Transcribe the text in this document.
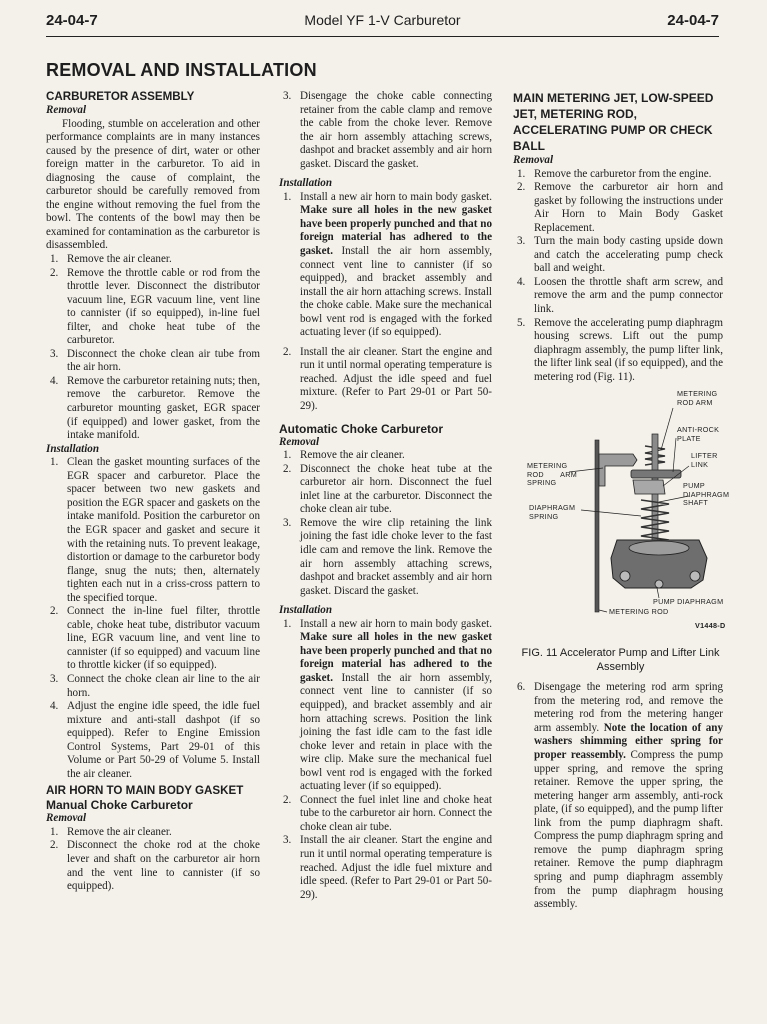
24-04-7	Model YF 1-V Carburetor	24-04-7
REMOVAL AND INSTALLATION
CARBURETOR ASSEMBLY
Removal

Flooding, stumble on acceleration and other performance complaints are in many instances caused by the presence of dirt, water or other foreign matter in the carburetor. To aid in diagnosing the cause of complaint, the carburetor should be carefully removed from the engine without removing the fuel from the bowl. The contents of the bowl may then be examined for contamination as the carburetor is disassembled.

1. Remove the air cleaner.
2. Remove the throttle cable or rod from the throttle lever. Disconnect the distributor vacuum line, EGR vacuum line, vent line to cannister (if so equipped), in-line fuel filter, and choke heat tube of the carburetor.
3. Disconnect the choke clean air tube from the air horn.
4. Remove the carburetor retaining nuts; then, remove the carburetor. Remove the carburetor mounting gasket, EGR spacer (if equipped) and lower gasket, from the intake manifold.
Installation
1. Clean the gasket mounting surfaces of the EGR spacer and carburetor. Place the spacer between two new gaskets and position the EGR spacer and gaskets on the intake manifold. Position the carburetor on the EGR spacer and gasket and secure it with the retaining nuts. To prevent leakage, distortion or damage to the carburetor body flange, snug the nuts; then, alternately tighten each nut in a criss-cross pattern to the specified torque.
2. Connect the in-line fuel filter, throttle cable, choke heat tube, distributor vacuum line, EGR vacuum line, and vent line to cannister (if so equipped) and vacuum line to throttle kicker (if so equipped).
3. Connect the choke clean air line to the air horn.
4. Adjust the engine idle speed, the idle fuel mixture and anti-stall dashpot (if so equipped). Refer to Engine Emission Control Systems, Part 29-01 of this Volume or Part 50-29 of Volume 5. Install the air cleaner.
AIR HORN TO MAIN BODY GASKET
Manual Choke Carburetor
Removal
1. Remove the air cleaner.
2. Disconnect the choke rod at the choke lever and shaft on the carburetor air horn and the vent line to cannister (if so equipped).
3. Disengage the choke cable connecting retainer from the cable clamp and remove the cable from the choke lever. Remove the air horn assembly attaching screws, dashpot and bracket assembly and air horn gasket. Discard the gasket.
Installation
1. Install a new air horn to main body gasket. Make sure all holes in the new gasket have been properly punched and that no foreign material has adhered to the gasket. Install the air horn assembly, connect vent line to cannister (if so equipped), and bracket assembly and install the air horn attaching screws. Install the choke cable. Make sure the mechanical bowl vent rod is engaged with the forked actuating lever (if so equipped).
2. Install the air cleaner. Start the engine and run it until normal operating temperature is reached. Adjust the idle speed and fuel mixture. (Refer to Part 29-01 or Part 50-29).
Automatic Choke Carburetor
Removal
1. Remove the air cleaner.
2. Disconnect the choke heat tube at the carburetor air horn. Disconnect the fuel inlet line at the carburetor. Disconnect the choke clean air tube.
3. Remove the wire clip retaining the link joining the fast idle choke lever to the fast idle cam and remove the link. Remove the air horn assembly attaching screws, dashpot and bracket assembly and air horn gasket. Discard the gasket.
Installation
1. Install a new air horn to main body gasket. Make sure all holes in the new gasket have been properly punched and that no foreign material has adhered to the gasket. Install the air horn assembly, connect vent line to cannister (if so equipped), and bracket assembly and air horn attaching screws. Position the link joining the fast idle cam to the fast idle choke lever and retain in place with the wire clip. Make sure the mechanical fuel bowl vent rod is engaged with the forked actuating lever (if so equipped).
2. Connect the fuel inlet line and choke heat tube to the carburetor air horn. Connect the choke clean air tube.
3. Install the air cleaner. Start the engine and run it until normal operating temperature is reached. Adjust the idle fuel mixture and idle speed. (Refer to Part 29-01 or Part 50-29).
MAIN METERING JET, LOW-SPEED JET, METERING ROD, ACCELERATING PUMP OR CHECK BALL
Removal
1. Remove the carburetor from the engine.
2. Remove the carburetor air horn and gasket by following the instructions under Air Horn to Main Body Gasket Replacement.
3. Turn the main body casting upside down and catch the accelerating pump check ball and weight.
4. Loosen the throttle shaft arm screw, and remove the arm and the pump connector link.
5. Remove the accelerating pump diaphragm housing screws. Lift out the pump diaphragm assembly, the pump lifter link, the lifter link seal (if so equipped), and the metering rod (Fig. 11).
METERING ROD ARM
ANTI-ROCK PLATE
LIFTER LINK
METERING ROD ARM SPRING	PUMP DIAPHRAGM SHAFT
DIAPHRAGM SPRING
PUMP DIAPHRAGM
METERING ROD
V1448-D
FIG. 11 Accelerator Pump and Lifter Link Assembly
6. Disengage the metering rod arm spring from the metering rod, and remove the metering rod from the metering hanger arm assembly. Note the location of any washers shimming either spring for proper reassembly. Compress the pump upper spring, and remove the spring retainer. Remove the upper spring, the metering hanger arm assembly, anti-rock plate, (if so equipped), and the pump lifter link from the pump diaphragm shaft. Compress the pump diaphragm spring and remove the pump diaphragm spring retainer. Remove the pump diaphragm spring and pump diaphragm assembly from the pump diaphragm housing assembly.
